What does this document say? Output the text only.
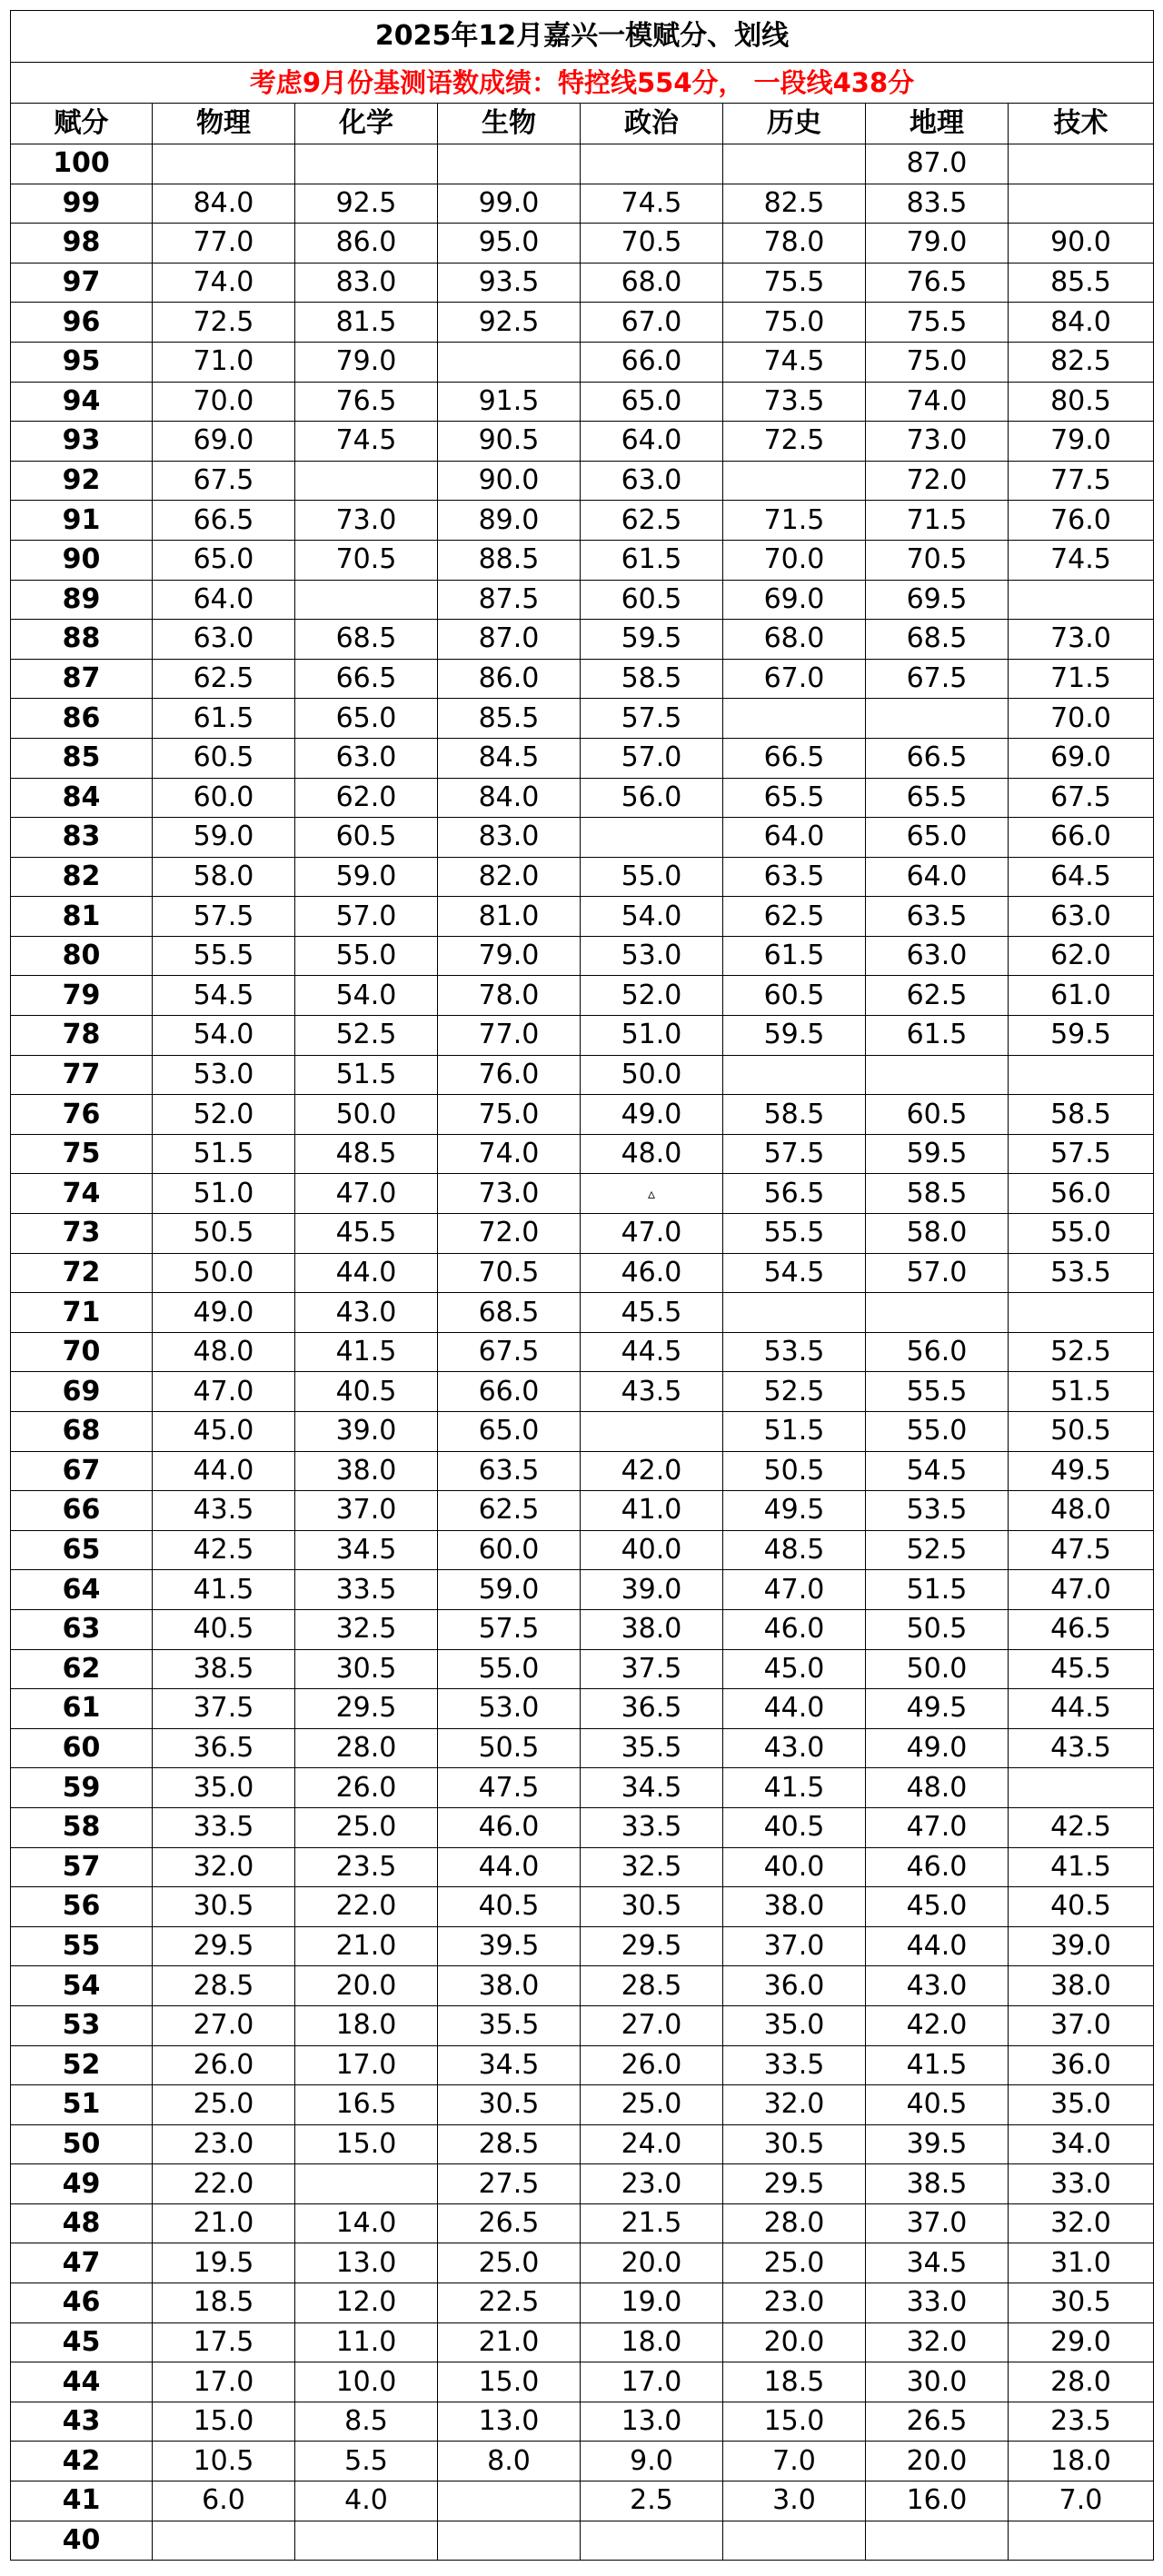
2025年12月嘉兴一模赋分、划线							
考虑9月份基测语数成绩：特控线554分， 一段线438分							
赋分	物理	化学	生物	政治	历史	地理	技术
100						87.0	
99	84.0	92.5	99.0	74.5	82.5	83.5	
98	77.0	86.0	95.0	70.5	78.0	79.0	90.0
97	74.0	83.0	93.5	68.0	75.5	76.5	85.5
96	72.5	81.5	92.5	67.0	75.0	75.5	84.0
95	71.0	79.0		66.0	74.5	75.0	82.5
94	70.0	76.5	91.5	65.0	73.5	74.0	80.5
93	69.0	74.5	90.5	64.0	72.5	73.0	79.0
92	67.5		90.0	63.0		72.0	77.5
91	66.5	73.0	89.0	62.5	71.5	71.5	76.0
90	65.0	70.5	88.5	61.5	70.0	70.5	74.5
89	64.0		87.5	60.5	69.0	69.5	
88	63.0	68.5	87.0	59.5	68.0	68.5	73.0
87	62.5	66.5	86.0	58.5	67.0	67.5	71.5
86	61.5	65.0	85.5	57.5			70.0
85	60.5	63.0	84.5	57.0	66.5	66.5	69.0
84	60.0	62.0	84.0	56.0	65.5	65.5	67.5
83	59.0	60.5	83.0		64.0	65.0	66.0
82	58.0	59.0	82.0	55.0	63.5	64.0	64.5
81	57.5	57.0	81.0	54.0	62.5	63.5	63.0
80	55.5	55.0	79.0	53.0	61.5	63.0	62.0
79	54.5	54.0	78.0	52.0	60.5	62.5	61.0
78	54.0	52.5	77.0	51.0	59.5	61.5	59.5
77	53.0	51.5	76.0	50.0			
76	52.0	50.0	75.0	49.0	58.5	60.5	58.5
75	51.5	48.5	74.0	48.0	57.5	59.5	57.5
74	51.0	47.0	73.0	▵	56.5	58.5	56.0
73	50.5	45.5	72.0	47.0	55.5	58.0	55.0
72	50.0	44.0	70.5	46.0	54.5	57.0	53.5
71	49.0	43.0	68.5	45.5			
70	48.0	41.5	67.5	44.5	53.5	56.0	52.5
69	47.0	40.5	66.0	43.5	52.5	55.5	51.5
68	45.0	39.0	65.0		51.5	55.0	50.5
67	44.0	38.0	63.5	42.0	50.5	54.5	49.5
66	43.5	37.0	62.5	41.0	49.5	53.5	48.0
65	42.5	34.5	60.0	40.0	48.5	52.5	47.5
64	41.5	33.5	59.0	39.0	47.0	51.5	47.0
63	40.5	32.5	57.5	38.0	46.0	50.5	46.5
62	38.5	30.5	55.0	37.5	45.0	50.0	45.5
61	37.5	29.5	53.0	36.5	44.0	49.5	44.5
60	36.5	28.0	50.5	35.5	43.0	49.0	43.5
59	35.0	26.0	47.5	34.5	41.5	48.0	
58	33.5	25.0	46.0	33.5	40.5	47.0	42.5
57	32.0	23.5	44.0	32.5	40.0	46.0	41.5
56	30.5	22.0	40.5	30.5	38.0	45.0	40.5
55	29.5	21.0	39.5	29.5	37.0	44.0	39.0
54	28.5	20.0	38.0	28.5	36.0	43.0	38.0
53	27.0	18.0	35.5	27.0	35.0	42.0	37.0
52	26.0	17.0	34.5	26.0	33.5	41.5	36.0
51	25.0	16.5	30.5	25.0	32.0	40.5	35.0
50	23.0	15.0	28.5	24.0	30.5	39.5	34.0
49	22.0		27.5	23.0	29.5	38.5	33.0
48	21.0	14.0	26.5	21.5	28.0	37.0	32.0
47	19.5	13.0	25.0	20.0	25.0	34.5	31.0
46	18.5	12.0	22.5	19.0	23.0	33.0	30.5
45	17.5	11.0	21.0	18.0	20.0	32.0	29.0
44	17.0	10.0	15.0	17.0	18.5	30.0	28.0
43	15.0	8.5	13.0	13.0	15.0	26.5	23.5
42	10.5	5.5	8.0	9.0	7.0	20.0	18.0
41	6.0	4.0		2.5	3.0	16.0	7.0
40							
